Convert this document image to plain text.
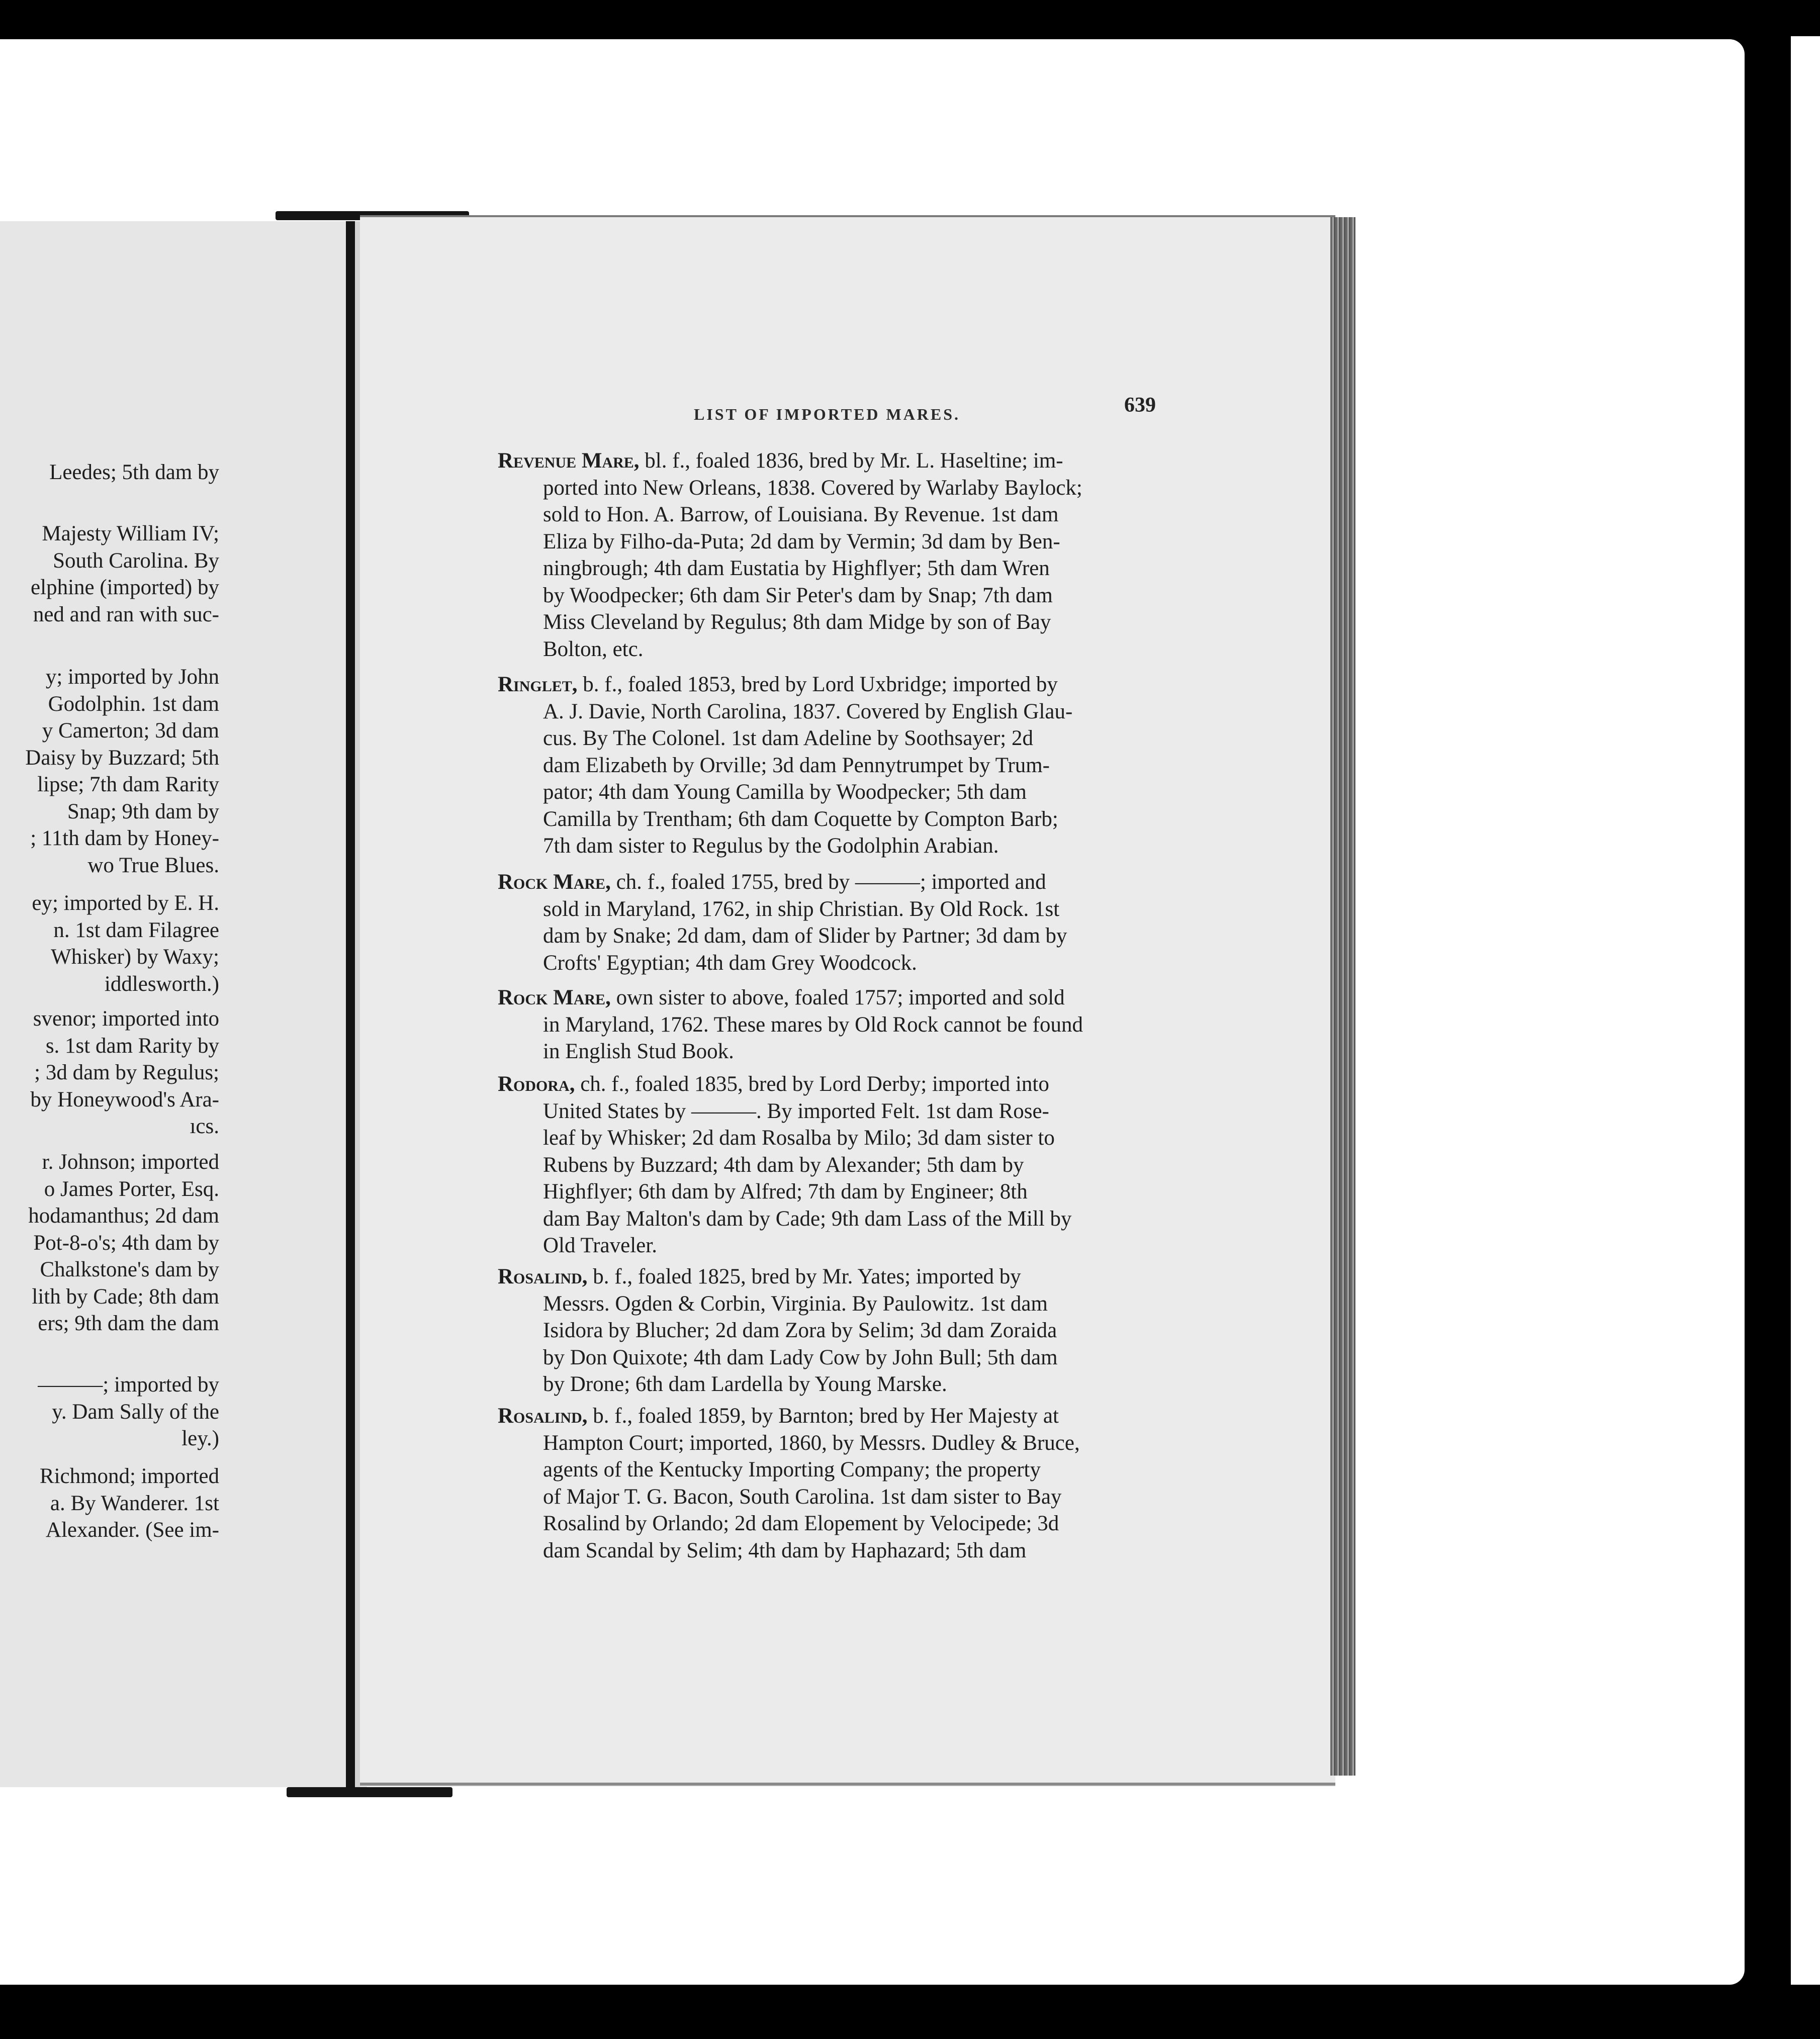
LIST OF IMPORTED MARES.	639
Leedes; 5th dam by
Majesty William IV;
South Carolina. By
elphine (imported) by
ned and ran with suc-
y; imported by John
Godolphin. 1st dam
y Camerton; 3d dam
Daisy by Buzzard; 5th
lipse; 7th dam Rarity
Snap; 9th dam by
; 11th dam by Honey-
wo True Blues.
ey; imported by E. H.
n. 1st dam Filagree
Whisker) by Waxy;
iddlesworth.)
svenor; imported into
s. 1st dam Rarity by
; 3d dam by Regulus;
by Honeywood's Ara-
ıcs.
r. Johnson; imported
o James Porter, Esq.
hodamanthus; 2d dam
Pot-8-o's; 4th dam by
Chalkstone's dam by
lith by Cade; 8th dam
ers; 9th dam the dam
———; imported by
y. Dam Sally of the
ley.)
Richmond; imported
a. By Wanderer. 1st
Alexander. (See im-
Revenue Mare, bl. f., foaled 1836, bred by Mr. L. Haseltine; im-
ported into New Orleans, 1838. Covered by Warlaby Baylock;
sold to Hon. A. Barrow, of Louisiana. By Revenue. 1st dam
Eliza by Filho-da-Puta; 2d dam by Vermin; 3d dam by Ben-
ningbrough; 4th dam Eustatia by Highflyer; 5th dam Wren
by Woodpecker; 6th dam Sir Peter's dam by Snap; 7th dam
Miss Cleveland by Regulus; 8th dam Midge by son of Bay
Bolton, etc.
Ringlet, b. f., foaled 1853, bred by Lord Uxbridge; imported by
A. J. Davie, North Carolina, 1837. Covered by English Glau-
cus. By The Colonel. 1st dam Adeline by Soothsayer; 2d
dam Elizabeth by Orville; 3d dam Pennytrumpet by Trum-
pator; 4th dam Young Camilla by Woodpecker; 5th dam
Camilla by Trentham; 6th dam Coquette by Compton Barb;
7th dam sister to Regulus by the Godolphin Arabian.
Rock Mare, ch. f., foaled 1755, bred by ———; imported and
sold in Maryland, 1762, in ship Christian. By Old Rock. 1st
dam by Snake; 2d dam, dam of Slider by Partner; 3d dam by
Crofts' Egyptian; 4th dam Grey Woodcock.
Rock Mare, own sister to above, foaled 1757; imported and sold
in Maryland, 1762. These mares by Old Rock cannot be found
in English Stud Book.
Rodora, ch. f., foaled 1835, bred by Lord Derby; imported into
United States by ———. By imported Felt. 1st dam Rose-
leaf by Whisker; 2d dam Rosalba by Milo; 3d dam sister to
Rubens by Buzzard; 4th dam by Alexander; 5th dam by
Highflyer; 6th dam by Alfred; 7th dam by Engineer; 8th
dam Bay Malton's dam by Cade; 9th dam Lass of the Mill by
Old Traveler.
Rosalind, b. f., foaled 1825, bred by Mr. Yates; imported by
Messrs. Ogden & Corbin, Virginia. By Paulowitz. 1st dam
Isidora by Blucher; 2d dam Zora by Selim; 3d dam Zoraida
by Don Quixote; 4th dam Lady Cow by John Bull; 5th dam
by Drone; 6th dam Lardella by Young Marske.
Rosalind, b. f., foaled 1859, by Barnton; bred by Her Majesty at
Hampton Court; imported, 1860, by Messrs. Dudley & Bruce,
agents of the Kentucky Importing Company; the property
of Major T. G. Bacon, South Carolina. 1st dam sister to Bay
Rosalind by Orlando; 2d dam Elopement by Velocipede; 3d
dam Scandal by Selim; 4th dam by Haphazard; 5th dam
